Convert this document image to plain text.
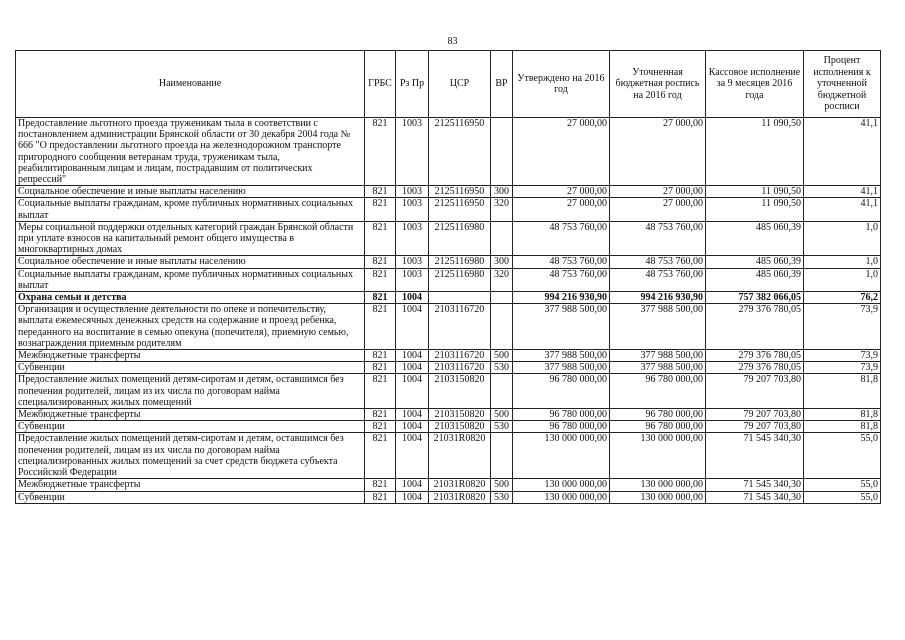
83
Наименование	ГРБС	Рз Пр	ЦСР	ВР	Утверждено на 2016 год	Уточненная бюджетная роспись на 2016 год	Кассовое исполнение за 9 месяцев 2016 года	Процент исполнения к уточненной бюджетной росписи
Предоставление льготного проезда труженикам тыла в соответствии с постановлением администрации Брянской области от 30 декабря 2004 года № 666 "О предоставлении льготного проезда на железнодорожном транспорте пригородного сообщения ветеранам труда, труженикам тыла, реабилитированным лицам и лицам, пострадавшим от политических репрессий"	821	1003	2125116950		27 000,00	27 000,00	11 090,50	41,1
Социальное обеспечение и иные выплаты населению	821	1003	2125116950	300	27 000,00	27 000,00	11 090,50	41,1
Социальные выплаты гражданам, кроме публичных нормативных социальных выплат	821	1003	2125116950	320	27 000,00	27 000,00	11 090,50	41,1
Меры социальной поддержки отдельных категорий граждан Брянской области при уплате взносов на капитальный ремонт общего имущества в многоквартирных домах	821	1003	2125116980		48 753 760,00	48 753 760,00	485 060,39	1,0
Социальное обеспечение и иные выплаты населению	821	1003	2125116980	300	48 753 760,00	48 753 760,00	485 060,39	1,0
Социальные выплаты гражданам, кроме публичных нормативных социальных выплат	821	1003	2125116980	320	48 753 760,00	48 753 760,00	485 060,39	1,0
Охрана семьи и детства	821	1004			994 216 930,90	994 216 930,90	757 382 066,05	76,2
Организация и осуществление деятельности по опеке и попечительству, выплата ежемесячных денежных средств на содержание и проезд ребенка, переданного на воспитание в семью опекуна (попечителя), приемную семью, вознаграждения приемным родителям	821	1004	2103116720		377 988 500,00	377 988 500,00	279 376 780,05	73,9
Межбюджетные трансферты	821	1004	2103116720	500	377 988 500,00	377 988 500,00	279 376 780,05	73,9
Субвенции	821	1004	2103116720	530	377 988 500,00	377 988 500,00	279 376 780,05	73,9
Предоставление жилых помещений детям-сиротам и детям, оставшимся без попечения родителей, лицам из их числа по договорам найма специализированных жилых помещений	821	1004	2103150820		96 780 000,00	96 780 000,00	79 207 703,80	81,8
Межбюджетные трансферты	821	1004	2103150820	500	96 780 000,00	96 780 000,00	79 207 703,80	81,8
Субвенции	821	1004	2103150820	530	96 780 000,00	96 780 000,00	79 207 703,80	81,8
Предоставление жилых помещений детям-сиротам и детям, оставшимся без попечения родителей, лицам из их числа по договорам найма специализированных жилых помещений за счет средств бюджета субъекта Российской Федерации	821	1004	21031R0820		130 000 000,00	130 000 000,00	71 545 340,30	55,0
Межбюджетные трансферты	821	1004	21031R0820	500	130 000 000,00	130 000 000,00	71 545 340,30	55,0
Субвенции	821	1004	21031R0820	530	130 000 000,00	130 000 000,00	71 545 340,30	55,0
